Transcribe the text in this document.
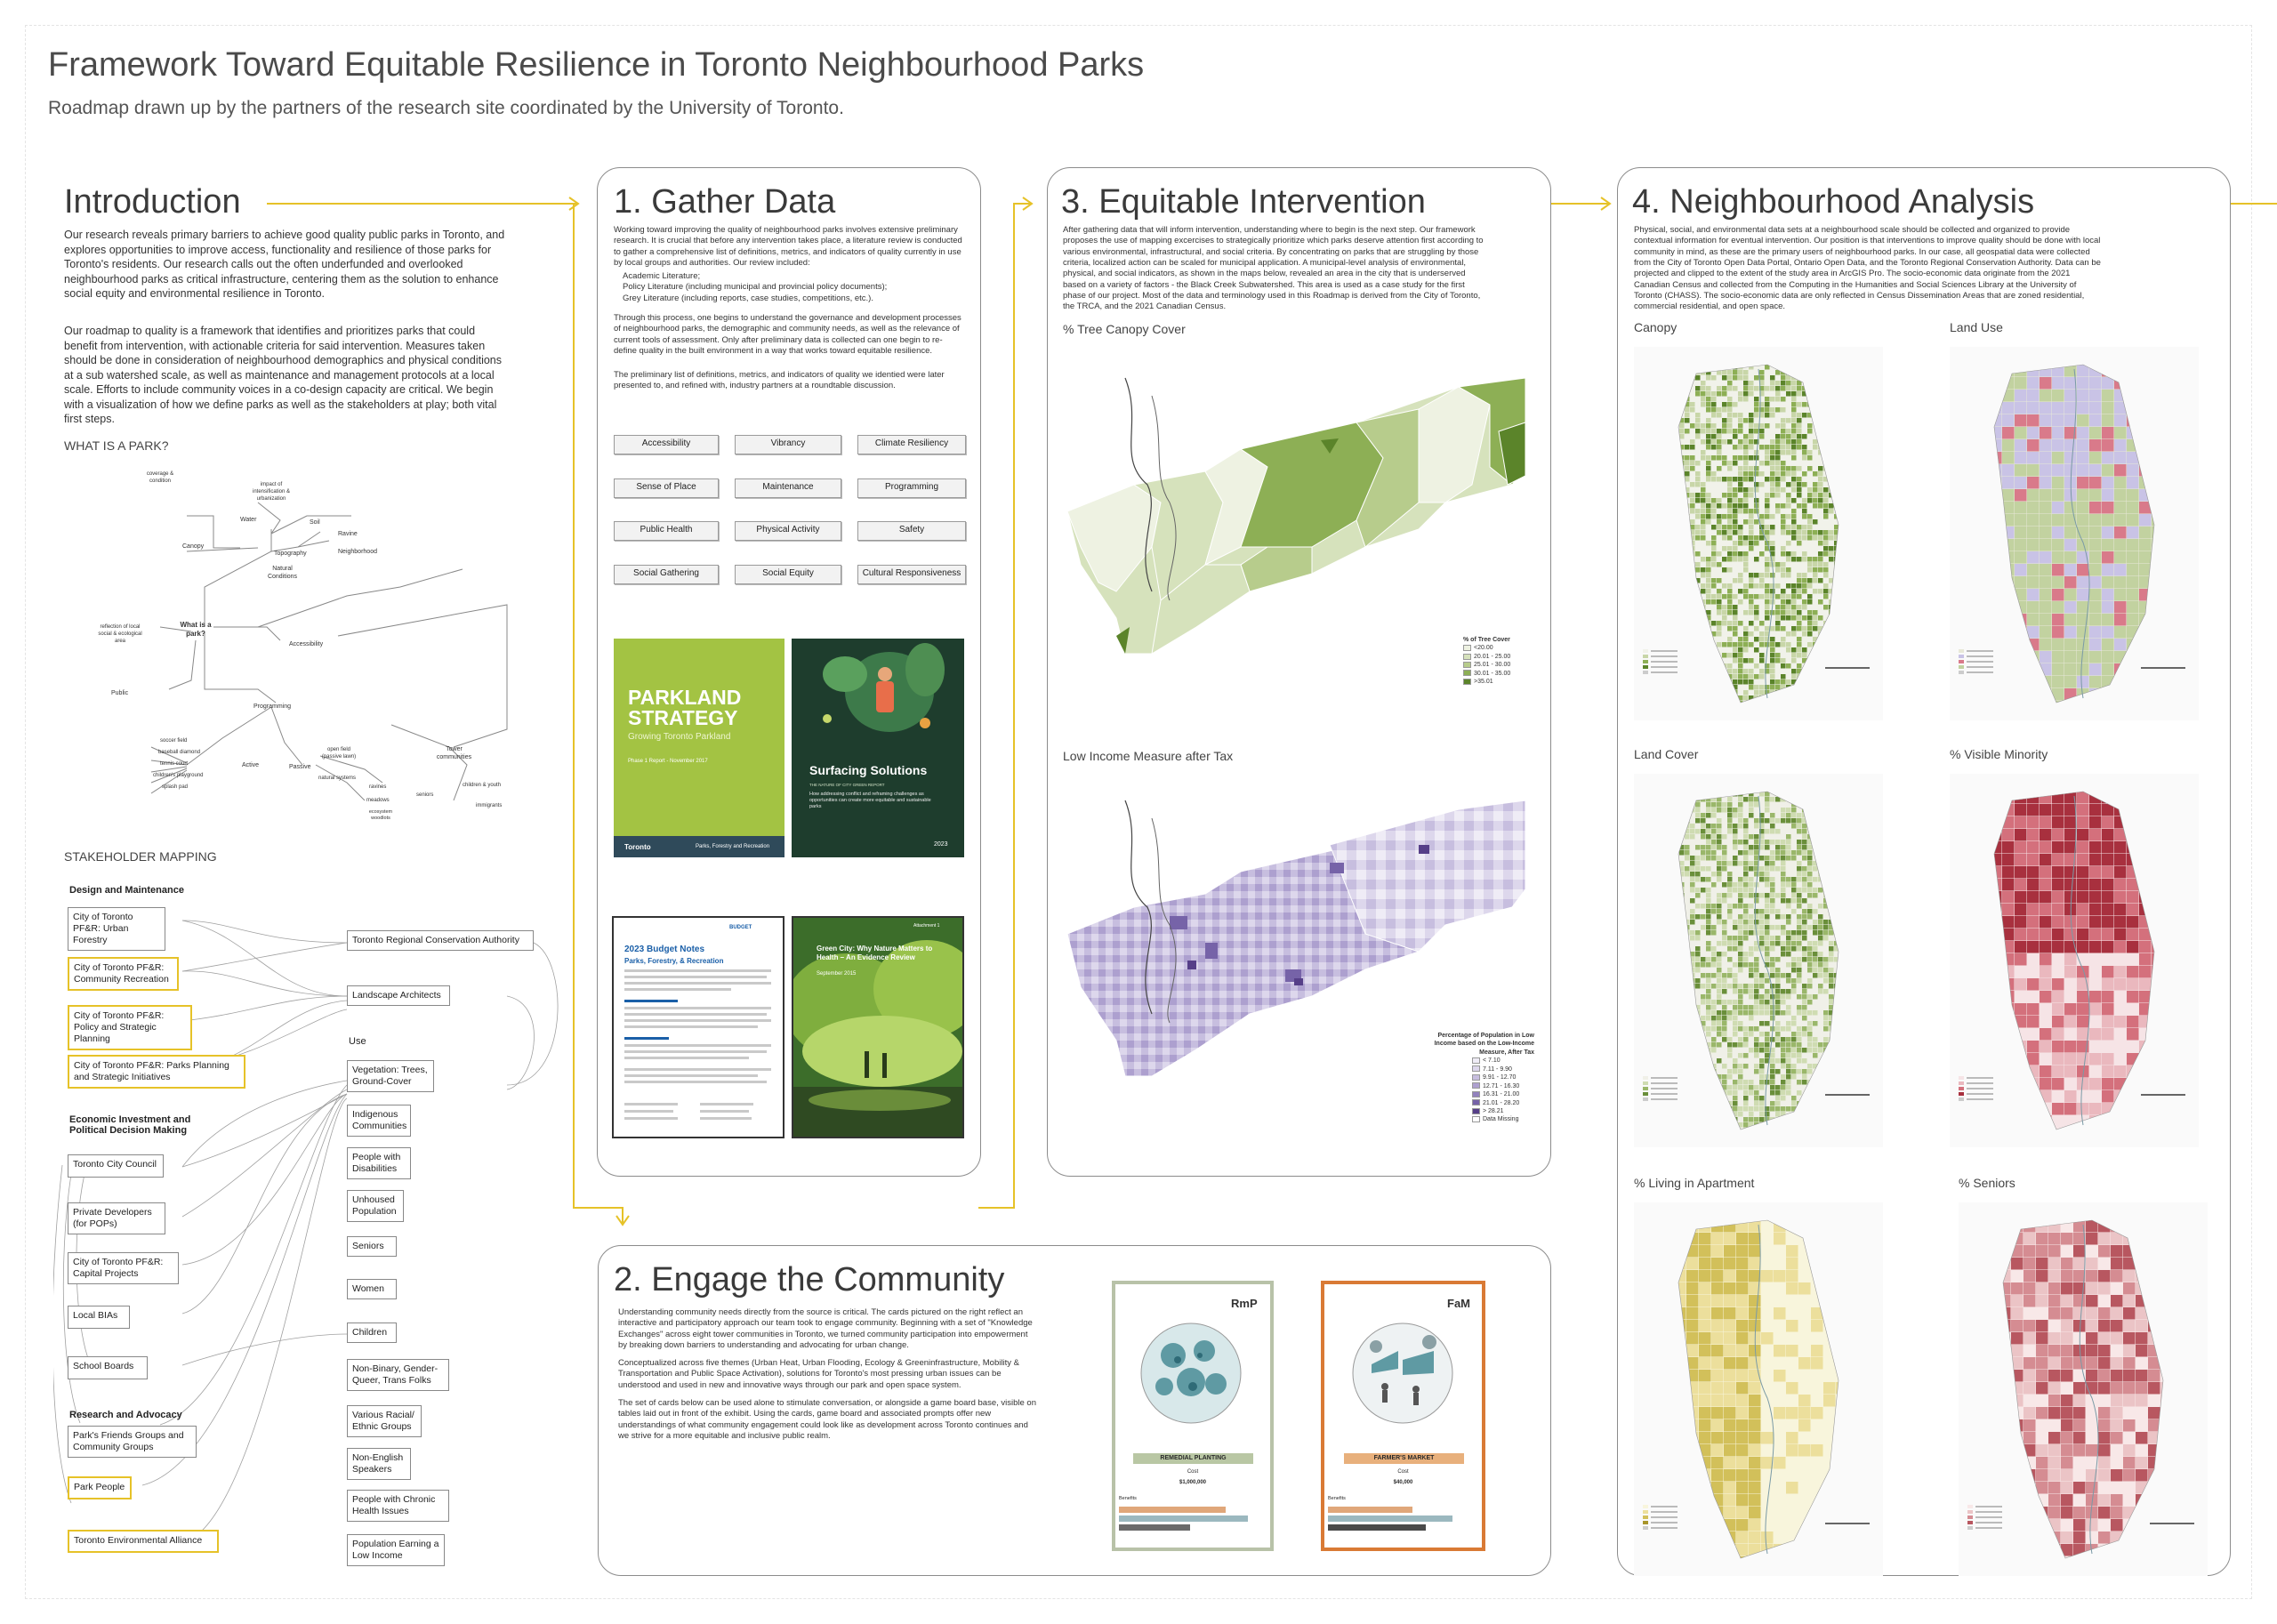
Framework Toward Equitable Resilience in Toronto Neighbourhood Parks
Roadmap drawn up by the partners of the research site coordinated by the University of Toronto.
Introduction
Our research reveals primary barriers to achieve good quality public parks in Toronto, and explores opportunities to improve access, functionality and resilience of those parks for Toronto's residents. Our research calls out the often underfunded and overlooked neighbourhood parks as critical infrastructure, centering them as the solution to enhance social equity and environmental resilience in Toronto.
Our roadmap to quality is a framework that identifies and prioritizes parks that could benefit from intervention, with actionable criteria for said intervention. Measures taken should be done in consideration of neighbourhood demographics and physical conditions at a sub watershed scale, as well as maintenance and management protocols at a local scale. Efforts to include community voices in a co-design capacity are critical. We begin with a visualization of how we define parks as well as the stakeholders at play; both vital first steps.
WHAT IS A PARK?
coverage & condition
impact of intensification & urbanization
Water	Soil
Canopy
Ravine
Neighborhood
Topography
Natural Conditions
What is a park?
reflection of local social & ecological area
Accessibility
Public
Programming
soccer field
baseball diamond
tennis court
children's playground
splash pad
Active	Passive
open field (passive lawn)
natural systems
ravines
meadows
ecosystem woodlots
seniors
Tower communities
children & youth
immigrants
STAKEHOLDER MAPPING
Design and Maintenance
Economic Investment and Political Decision Making
Research and Advocacy
Use
City of Toronto PF&R: Urban Forestry
City of Toronto PF&R: Community Recreation
City of Toronto PF&R: Policy and Strategic Planning
City of Toronto PF&R: Parks Planning and Strategic Initiatives
Toronto City Council
Private Developers (for POPs)
City of Toronto PF&R: Capital Projects
Local BIAs
School Boards
Park's Friends Groups and Community Groups
Park People
Toronto Environmental Alliance
Toronto Regional Conservation Authority
Landscape Architects
Vegetation: Trees, Ground-Cover
Indigenous Communities
People with Disabilities
Unhoused Population
Seniors
Women
Children
Non-Binary, Gender-Queer, Trans Folks
Various Racial/ Ethnic Groups
Non-English Speakers
People with Chronic Health Issues
Population Earning a Low Income
1. Gather Data
Working toward improving the quality of neighbourhood parks involves extensive preliminary research. It is crucial that before any intervention takes place, a literature review is conducted to gather a comprehensive list of definitions, metrics, and indicators of quality currently in use by local groups and authorities. Our review included:
Academic Literature;
Policy Literature (including municipal and provincial policy documents);
Grey Literature (including reports, case studies, competitions, etc.).
Through this process, one begins to understand the governance and development processes of neighbourhood parks, the demographic and community needs, as well as the relevance of current tools of assessment. Only after preliminary data is collected can one begin to re-define quality in the built environment in a way that works toward equitable resilience.
The preliminary list of definitions, metrics, and indicators of quality we identied were later presented to, and refined with, industry partners at a roundtable discussion.
Accessibility	Vibrancy	Climate Resiliency
Sense of Place	Maintenance	Programming
Public Health	Physical Activity	Safety
Social Gathering	Social Equity	Cultural Responsiveness
PARKLAND STRATEGY
Growing Toronto Parkland
Phase 1 Report - November 2017
Toronto	Parks, Forestry and Recreation
Surfacing Solutions
THE NATURE OF CITY GREEN REPORT
How addressing conflict and reframing challenges as opportunities can create more equitable and sustainable parks
2023
BUDGET
2023 Budget Notes
Parks, Forestry, & Recreation
Attachment 1
Green City: Why Nature Matters to Health – An Evidence Review
September 2015
2. Engage the Community
Understanding community needs directly from the source is critical. The cards pictured on the right reflect an interactive and participatory approach our team took to engage community. Beginning with a set of "Knowledge Exchanges" across eight tower communities in Toronto, we turned community participation into empowerment by breaking down barriers to understanding and advocating for urban change.
Conceptualized across five themes (Urban Heat, Urban Flooding, Ecology & Greeninfrastructure, Mobility & Transportation and Public Space Activation), solutions for Toronto's most pressing urban issues can be understood and used in new and innovative ways through our park and open space system.
The set of cards below can be used alone to stimulate conversation, or alongside a game board base, visible on tables laid out in front of the exhibit. Using the cards, game board and associated prompts offer new understandings of what community engagement could look like as development across Toronto continues and we strive for a more equitable and inclusive public realm.
RmP
REMEDIAL PLANTING
Cost
$1,000,000
Benefits
FaM
FARMER'S MARKET
Cost
$40,000
Benefits
3. Equitable Intervention
After gathering data that will inform intervention, understanding where to begin is the next step. Our framework proposes the use of mapping excercises to strategically prioritize which parks deserve attention first according to various environmental, infrastructural, and social criteria. By concentrating on parks that are struggling by those criteria, localized action can be scaled for municipal application. A municipal-level analysis of environmental, physical, and social indicators, as shown in the maps below, revealed an area in the city that is underserved based on a variety of factors - the Black Creek Subwatershed. This area is used as a case study for the first phase of our project. Most of the data and terminology used in this Roadmap is derived from the City of Toronto, the TRCA, and the 2021 Canadian Census.
% Tree Canopy Cover
% of Tree Cover
<20.00
20.01 - 25.00
25.01 - 30.00
30.01 - 35.00
>35.01
Low Income Measure after Tax
Percentage of Population in Low Income based on the Low-Income Measure, After Tax
< 7.10
7.11 - 9.90
9.91 - 12.70
12.71 - 16.30
16.31 - 21.00
21.01 - 28.20
> 28.21
Data Missing
4. Neighbourhood Analysis
Physical, social, and environmental data sets at a neighbourhood scale should be collected and organized to provide contextual information for eventual intervention. Our position is that interventions to improve quality should be done with local community in mind, as these are the primary users of neighbourhood parks. In our case, all geospatial data were collected from the City of Toronto Open Data Portal, Ontario Open Data, and the Toronto Regional Conservation Authority. Data can be projected and clipped to the extent of the study area in ArcGIS Pro. The socio-economic data originate from the 2021 Canadian Census and collected from the Computing in the Humanities and Social Sciences Library at the University of Toronto (CHASS). The socio-economic data are only reflected in Census Dissemination Areas that are zoned residential, commercial residential, and open space.
Canopy	Land Use
Land Cover	% Visible Minority
% Living in Apartment	% Seniors
